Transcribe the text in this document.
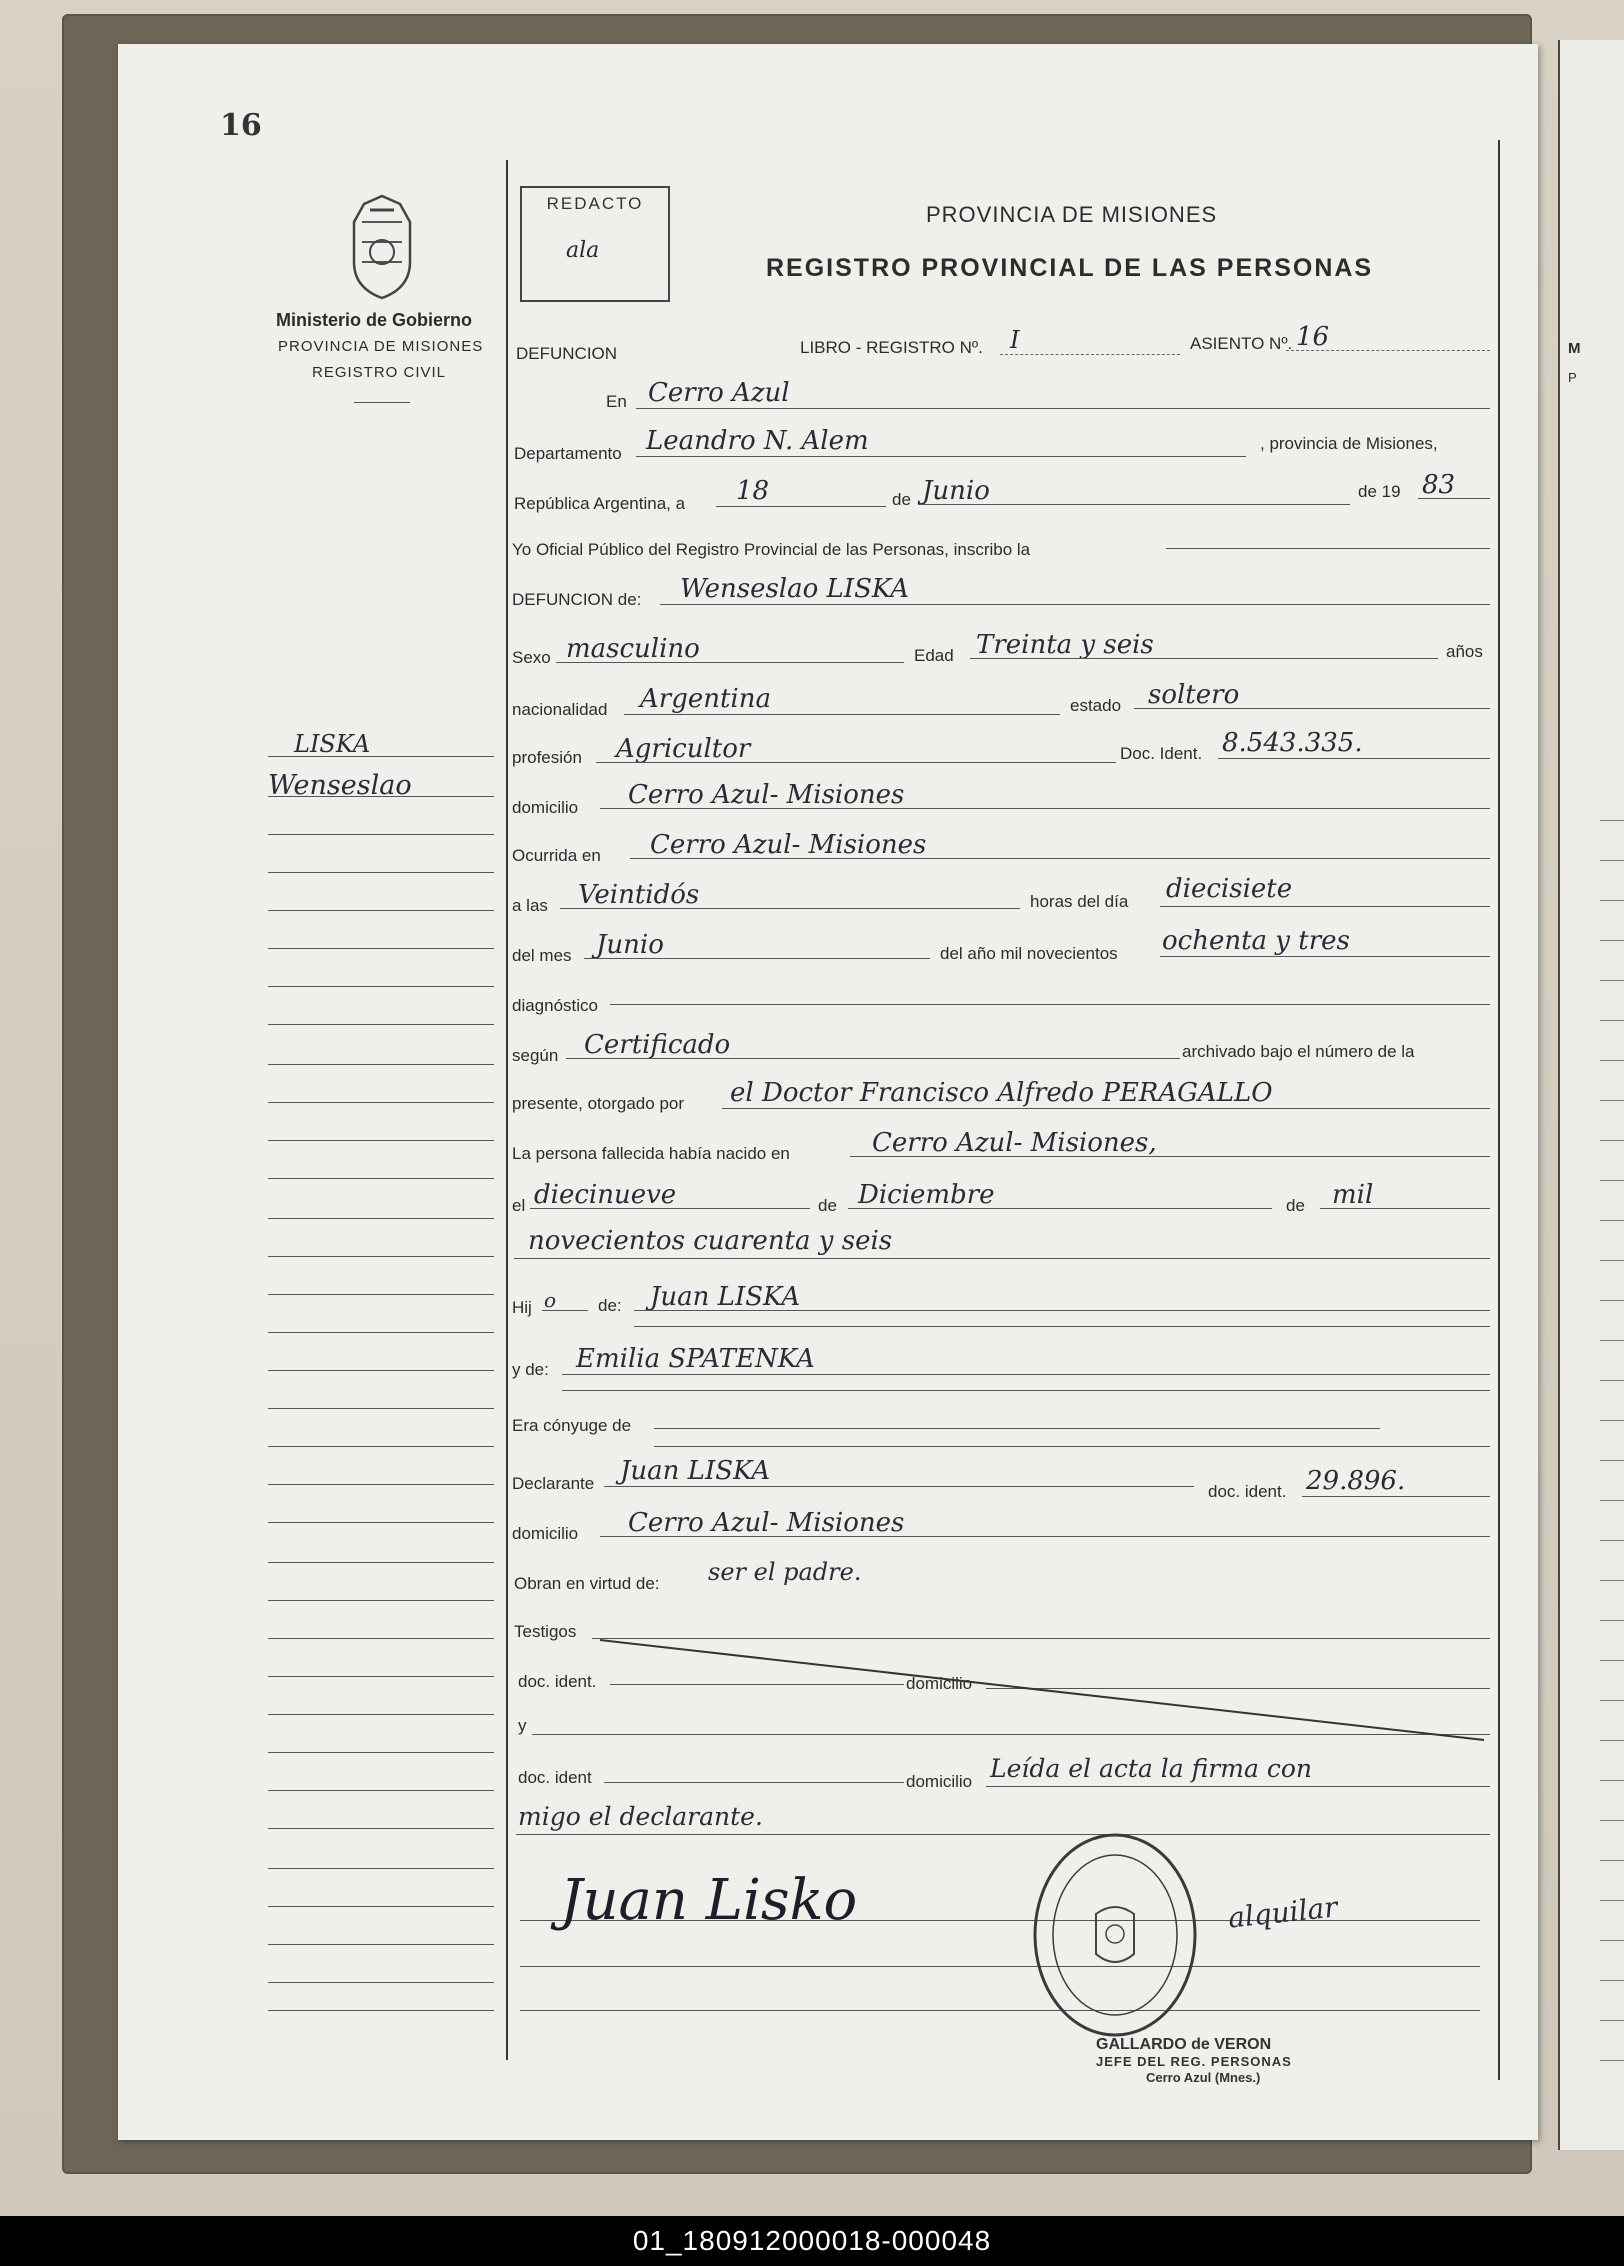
M
P
16
Ministerio de Gobierno
PROVINCIA DE MISIONES
REGISTRO CIVIL
REDACTO
ala
PROVINCIA DE MISIONES
REGISTRO PROVINCIAL DE LAS PERSONAS
LISKA
Wenseslao
DEFUNCION	LIBRO - REGISTRO Nº. I	ASIENTO Nº. 16
En Cerro Azul
Departamento Leandro N. Alem	, provincia de Misiones,
República Argentina, a 18	de Junio	de 19 83
Yo Oficial Público del Registro Provincial de las Personas, inscribo la
DEFUNCION de: Wenseslao LISKA
Sexo masculino	Edad Treinta y seis	años
nacionalidad Argentina	estado soltero
profesión Agricultor	Doc. Ident. 8.543.335.
domicilio Cerro Azul- Misiones
Ocurrida en Cerro Azul- Misiones
a las Veintidós	horas del día diecisiete
del mes Junio	del año mil novecientos ochenta y tres
diagnóstico
según Certificado	archivado bajo el número de la
presente, otorgado por el Doctor Francisco Alfredo PERAGALLO
La persona fallecida había nacido en	Cerro Azul- Misiones,
el diecinueve	de Diciembre	de mil
novecientos cuarenta y seis
Hij o de: Juan LISKA
y de: Emilia SPATENKA
Era cónyuge de
Declarante Juan LISKA
doc. ident. 29.896.
domicilio Cerro Azul- Misiones
Obran en virtud de: ser el padre.
Testigos
doc. ident.	domicilio
y
doc. ident	domicilio Leída el acta la firma con
migo el declarante.
Juan Lisko	alquilar
GALLARDO de VERON
JEFE DEL REG. PERSONAS
Cerro Azul (Mnes.)
01_180912000018-000048
